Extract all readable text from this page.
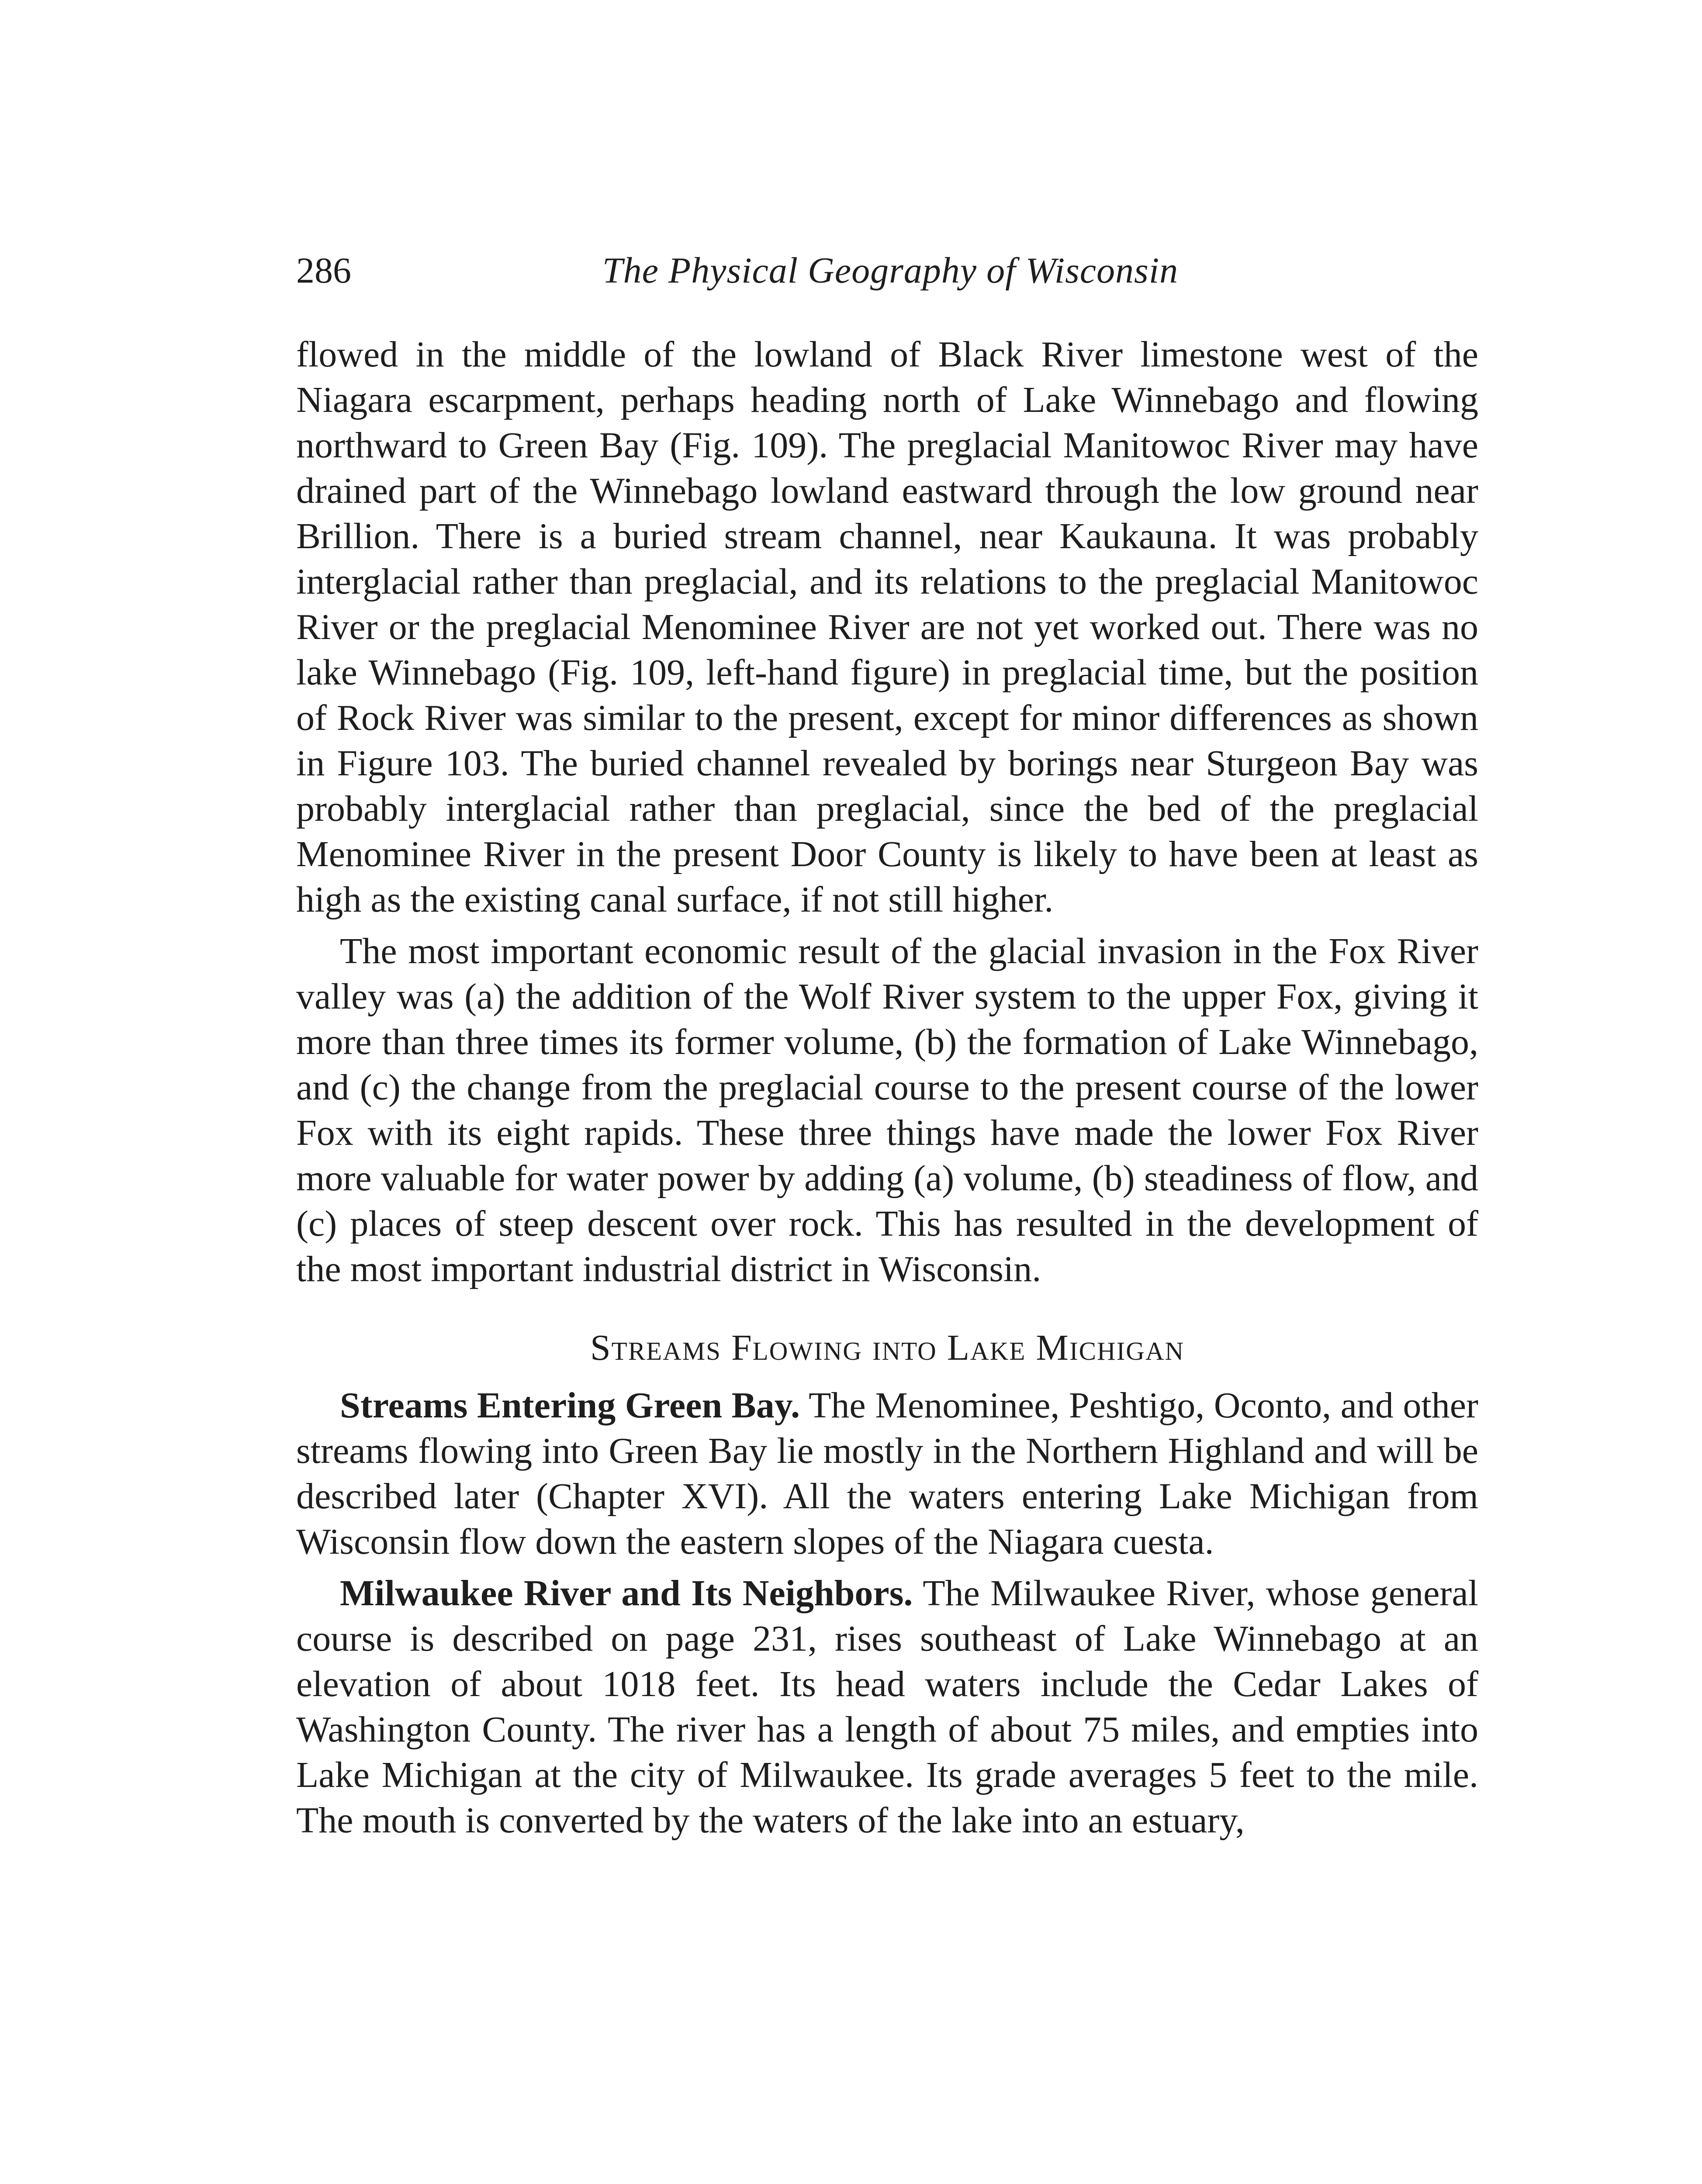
286	The Physical Geography of Wisconsin

flowed in the middle of the lowland of Black River limestone west of the Niagara escarpment, perhaps heading north of Lake Winnebago and flowing northward to Green Bay (Fig. 109). The preglacial Manitowoc River may have drained part of the Winnebago lowland eastward through the low ground near Brillion. There is a buried stream channel, near Kaukauna. It was probably interglacial rather than preglacial, and its relations to the preglacial Manitowoc River or the preglacial Menominee River are not yet worked out. There was no lake Winnebago (Fig. 109, left-hand figure) in preglacial time, but the position of Rock River was similar to the present, except for minor differences as shown in Figure 103. The buried channel revealed by borings near Sturgeon Bay was probably interglacial rather than preglacial, since the bed of the preglacial Menominee River in the present Door County is likely to have been at least as high as the existing canal surface, if not still higher.

The most important economic result of the glacial invasion in the Fox River valley was (a) the addition of the Wolf River system to the upper Fox, giving it more than three times its former volume, (b) the formation of Lake Winnebago, and (c) the change from the preglacial course to the present course of the lower Fox with its eight rapids. These three things have made the lower Fox River more valuable for water power by adding (a) volume, (b) steadiness of flow, and (c) places of steep descent over rock. This has resulted in the development of the most important industrial district in Wisconsin.

Streams Flowing into Lake Michigan

Streams Entering Green Bay. The Menominee, Peshtigo, Oconto, and other streams flowing into Green Bay lie mostly in the Northern Highland and will be described later (Chapter XVI). All the waters entering Lake Michigan from Wisconsin flow down the eastern slopes of the Niagara cuesta.

Milwaukee River and Its Neighbors. The Milwaukee River, whose general course is described on page 231, rises southeast of Lake Winnebago at an elevation of about 1018 feet. Its head waters include the Cedar Lakes of Washington County. The river has a length of about 75 miles, and empties into Lake Michigan at the city of Milwaukee. Its grade averages 5 feet to the mile. The mouth is converted by the waters of the lake into an estuary,
